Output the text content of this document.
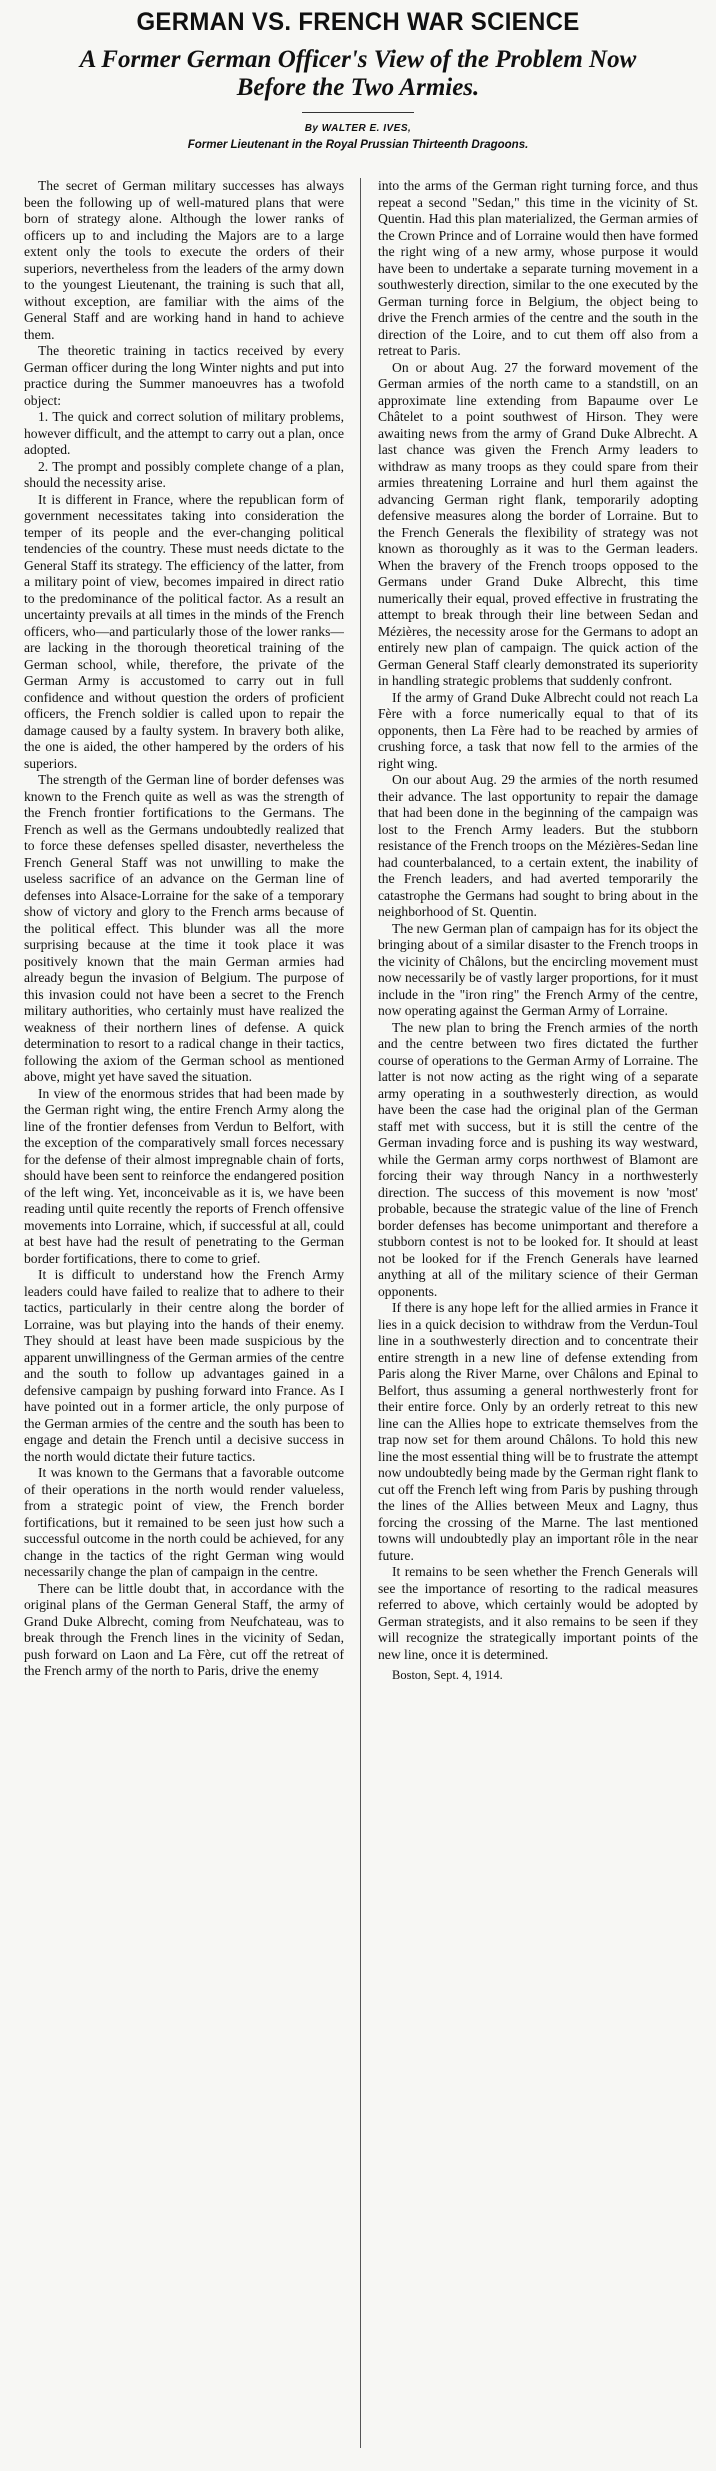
GERMAN VS. FRENCH WAR SCIENCE
A Former German Officer's View of the Problem Now
Before the Two Armies.
By WALTER E. IVES,
Former Lieutenant in the Royal Prussian Thirteenth Dragoons.

The secret of German military successes has always been the following up of well-matured plans that were born of strategy alone. Although the lower ranks of officers up to and including the Majors are to a large extent only the tools to execute the orders of their superiors, nevertheless from the leaders of the army down to the youngest Lieutenant, the training is such that all, without exception, are familiar with the aims of the General Staff and are working hand in hand to achieve them.

The theoretic training in tactics received by every German officer during the long Winter nights and put into practice during the Summer manoeuvres has a twofold object:

1. The quick and correct solution of military problems, however difficult, and the attempt to carry out a plan, once adopted.

2. The prompt and possibly complete change of a plan, should the necessity arise.

It is different in France, where the republican form of government necessitates taking into consideration the temper of its people and the ever-changing political tendencies of the country. These must needs dictate to the General Staff its strategy. The efficiency of the latter, from a military point of view, becomes impaired in direct ratio to the predominance of the political factor. As a result an uncertainty prevails at all times in the minds of the French officers, who—and particularly those of the lower ranks—are lacking in the thorough theoretical training of the German school, while, therefore, the private of the German Army is accustomed to carry out in full confidence and without question the orders of proficient officers, the French soldier is called upon to repair the damage caused by a faulty system. In bravery both alike, the one is aided, the other hampered by the orders of his superiors.

The strength of the German line of border defenses was known to the French quite as well as was the strength of the French frontier fortifications to the Germans. The French as well as the Germans undoubtedly realized that to force these defenses spelled disaster, nevertheless the French General Staff was not unwilling to make the useless sacrifice of an advance on the German line of defenses into Alsace-Lorraine for the sake of a temporary show of victory and glory to the French arms because of the political effect. This blunder was all the more surprising because at the time it took place it was positively known that the main German armies had already begun the invasion of Belgium. The purpose of this invasion could not have been a secret to the French military authorities, who certainly must have realized the weakness of their northern lines of defense. A quick determination to resort to a radical change in their tactics, following the axiom of the German school as mentioned above, might yet have saved the situation.

In view of the enormous strides that had been made by the German right wing, the entire French Army along the line of the frontier defenses from Verdun to Belfort, with the exception of the comparatively small forces necessary for the defense of their almost impregnable chain of forts, should have been sent to reinforce the endangered position of the left wing. Yet, inconceivable as it is, we have been reading until quite recently the reports of French offensive movements into Lorraine, which, if successful at all, could at best have had the result of penetrating to the German border fortifications, there to come to grief.

It is difficult to understand how the French Army leaders could have failed to realize that to adhere to their tactics, particularly in their centre along the border of Lorraine, was but playing into the hands of their enemy. They should at least have been made suspicious by the apparent unwillingness of the German armies of the centre and the south to follow up advantages gained in a defensive campaign by pushing forward into France. As I have pointed out in a former article, the only purpose of the German armies of the centre and the south has been to engage and detain the French until a decisive success in the north would dictate their future tactics.

It was known to the Germans that a favorable outcome of their operations in the north would render valueless, from a strategic point of view, the French border fortifications, but it remained to be seen just how such a successful outcome in the north could be achieved, for any change in the tactics of the right German wing would necessarily change the plan of campaign in the centre.

There can be little doubt that, in accordance with the original plans of the German General Staff, the army of Grand Duke Albrecht, coming from Neufchateau, was to break through the French lines in the vicinity of Sedan, push forward on Laon and La Fère, cut off the retreat of the French army of the north to Paris, drive the enemy

into the arms of the German right turning force, and thus repeat a second "Sedan," this time in the vicinity of St. Quentin. Had this plan materialized, the German armies of the Crown Prince and of Lorraine would then have formed the right wing of a new army, whose purpose it would have been to undertake a separate turning movement in a southwesterly direction, similar to the one executed by the German turning force in Belgium, the object being to drive the French armies of the centre and the south in the direction of the Loire, and to cut them off also from a retreat to Paris.

On or about Aug. 27 the forward movement of the German armies of the north came to a standstill, on an approximate line extending from Bapaume over Le Châtelet to a point southwest of Hirson. They were awaiting news from the army of Grand Duke Albrecht. A last chance was given the French Army leaders to withdraw as many troops as they could spare from their armies threatening Lorraine and hurl them against the advancing German right flank, temporarily adopting defensive measures along the border of Lorraine. But to the French Generals the flexibility of strategy was not known as thoroughly as it was to the German leaders. When the bravery of the French troops opposed to the Germans under Grand Duke Albrecht, this time numerically their equal, proved effective in frustrating the attempt to break through their line between Sedan and Mézières, the necessity arose for the Germans to adopt an entirely new plan of campaign. The quick action of the German General Staff clearly demonstrated its superiority in handling strategic problems that suddenly confront.

If the army of Grand Duke Albrecht could not reach La Fère with a force numerically equal to that of its opponents, then La Fère had to be reached by armies of crushing force, a task that now fell to the armies of the right wing.

On our about Aug. 29 the armies of the north resumed their advance. The last opportunity to repair the damage that had been done in the beginning of the campaign was lost to the French Army leaders. But the stubborn resistance of the French troops on the Mézières-Sedan line had counterbalanced, to a certain extent, the inability of the French leaders, and had averted temporarily the catastrophe the Germans had sought to bring about in the neighborhood of St. Quentin.

The new German plan of campaign has for its object the bringing about of a similar disaster to the French troops in the vicinity of Châlons, but the encircling movement must now necessarily be of vastly larger proportions, for it must include in the "iron ring" the French Army of the centre, now operating against the German Army of Lorraine.

The new plan to bring the French armies of the north and the centre between two fires dictated the further course of operations to the German Army of Lorraine. The latter is not now acting as the right wing of a separate army operating in a southwesterly direction, as would have been the case had the original plan of the German staff met with success, but it is still the centre of the German invading force and is pushing its way westward, while the German army corps northwest of Blamont are forcing their way through Nancy in a northwesterly direction. The success of this movement is now 'most' probable, because the strategic value of the line of French border defenses has become unimportant and therefore a stubborn contest is not to be looked for. It should at least not be looked for if the French Generals have learned anything at all of the military science of their German opponents.

If there is any hope left for the allied armies in France it lies in a quick decision to withdraw from the Verdun-Toul line in a southwesterly direction and to concentrate their entire strength in a new line of defense extending from Paris along the River Marne, over Châlons and Epinal to Belfort, thus assuming a general northwesterly front for their entire force. Only by an orderly retreat to this new line can the Allies hope to extricate themselves from the trap now set for them around Châlons. To hold this new line the most essential thing will be to frustrate the attempt now undoubtedly being made by the German right flank to cut off the French left wing from Paris by pushing through the lines of the Allies between Meux and Lagny, thus forcing the crossing of the Marne. The last mentioned towns will undoubtedly play an important rôle in the near future.

It remains to be seen whether the French Generals will see the importance of resorting to the radical measures referred to above, which certainly would be adopted by German strategists, and it also remains to be seen if they will recognize the strategically important points of the new line, once it is determined.

Boston, Sept. 4, 1914.
